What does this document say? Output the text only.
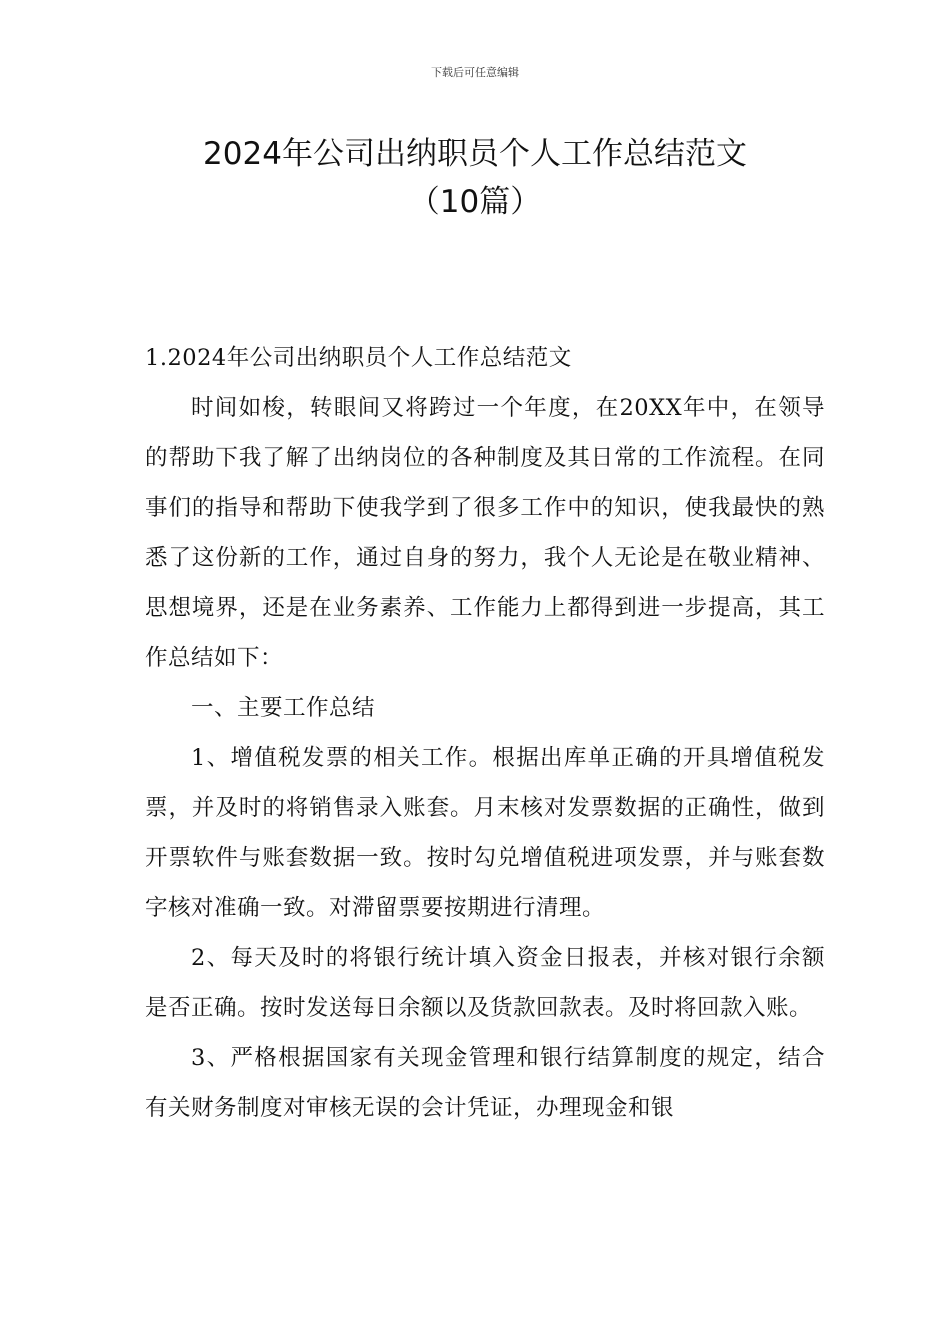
下载后可任意编辑
2024年公司出纳职员个人工作总结范文
（10篇）

1.2024年公司出纳职员个人工作总结范文

时间如梭，转眼间又将跨过一个年度，在20XX年中，在领导的帮助下我了解了出纳岗位的各种制度及其日常的工作流程。在同事们的指导和帮助下使我学到了很多工作中的知识，使我最快的熟悉了这份新的工作，通过自身的努力，我个人无论是在敬业精神、思想境界，还是在业务素养、工作能力上都得到进一步提高，其工作总结如下：

一、主要工作总结

1、增值税发票的相关工作。根据出库单正确的开具增值税发票，并及时的将销售录入账套。月末核对发票数据的正确性，做到开票软件与账套数据一致。按时勾兑增值税进项发票，并与账套数字核对准确一致。对滞留票要按期进行清理。

2、每天及时的将银行统计填入资金日报表，并核对银行余额是否正确。按时发送每日余额以及货款回款表。及时将回款入账。

3、严格根据国家有关现金管理和银行结算制度的规定，结合有关财务制度对审核无误的会计凭证，办理现金和银
